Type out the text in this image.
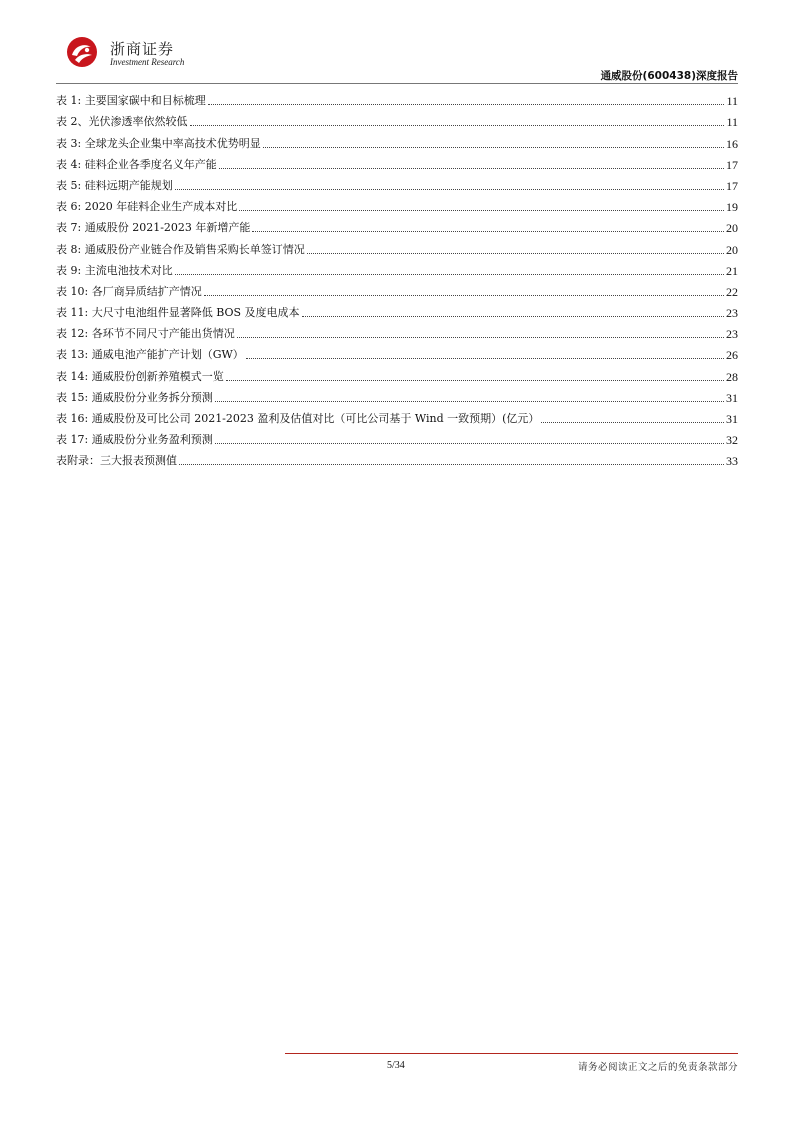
浙商证券
Investment Research
通威股份(600438)深度报告
表 1: 主要国家碳中和目标梳理	11
表 2、光伏渗透率依然较低	11
表 3: 全球龙头企业集中率高技术优势明显	16
表 4: 硅料企业各季度名义年产能	17
表 5: 硅料远期产能规划	17
表 6: 2020 年硅料企业生产成本对比	19
表 7: 通威股份 2021-2023 年新增产能	20
表 8: 通威股份产业链合作及销售采购长单签订情况	20
表 9: 主流电池技术对比	21
表 10: 各厂商异质结扩产情况	22
表 11: 大尺寸电池组件显著降低 BOS 及度电成本	23
表 12: 各环节不同尺寸产能出货情况	23
表 13: 通威电池产能扩产计划（GW）	26
表 14: 通威股份创新养殖模式一览	28
表 15: 通威股份分业务拆分预测	31
表 16: 通威股份及可比公司 2021-2023 盈利及估值对比（可比公司基于 Wind 一致预期）(亿元）	31
表 17: 通威股份分业务盈利预测	32
表附录：三大报表预测值	33
5/34	请务必阅读正文之后的免责条款部分
